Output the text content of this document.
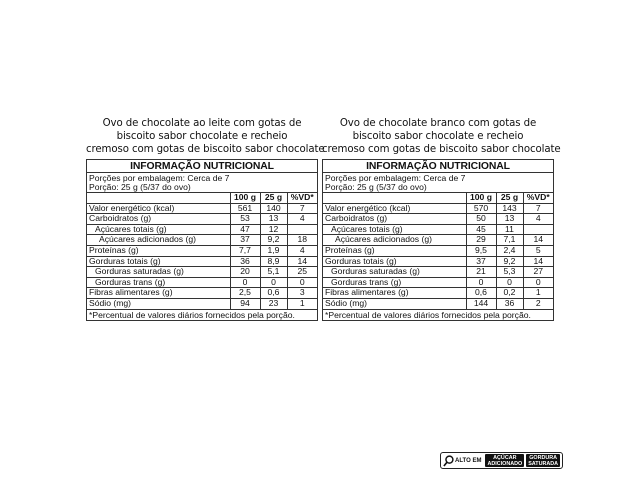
Ovo de chocolate ao leite com gotas de
biscoito sabor chocolate e recheio
cremoso com gotas de biscoito sabor chocolate
INFORMAÇÃO NUTRICIONAL
Porções por embalagem: Cerca de 7
Porção: 25 g (5/37 do ovo)
	100 g	25 g	%VD*
Valor energético (kcal)	561	140	7
Carboidratos (g)	53	13	4
Açúcares totais (g)	47	12	
Açúcares adicionados (g)	37	9,2	18
Proteínas (g)	7,7	1,9	4
Gorduras totais (g)	36	8,9	14
Gorduras saturadas (g)	20	5,1	25
Gorduras trans (g)	0	0	0
Fibras alimentares (g)	2,5	0,6	3
Sódio (mg)	94	23	1
*Percentual de valores diários fornecidos pela porção.
Ovo de chocolate branco com gotas de
biscoito sabor chocolate e recheio
cremoso com gotas de biscoito sabor chocolate
INFORMAÇÃO NUTRICIONAL
Porções por embalagem: Cerca de 7
Porção: 25 g (5/37 do ovo)
	100 g	25 g	%VD*
Valor energético (kcal)	570	143	7
Carboidratos (g)	50	13	4
Açúcares totais (g)	45	11	
Açúcares adicionados (g)	29	7,1	14
Proteínas (g)	9,5	2,4	5
Gorduras totais (g)	37	9,2	14
Gorduras saturadas (g)	21	5,3	27
Gorduras trans (g)	0	0	0
Fibras alimentares (g)	0,6	0,2	1
Sódio (mg)	144	36	2
*Percentual de valores diários fornecidos pela porção.
ALTO EM	AÇÚCAR
ADICIONADO
GORDURA
SATURADA
